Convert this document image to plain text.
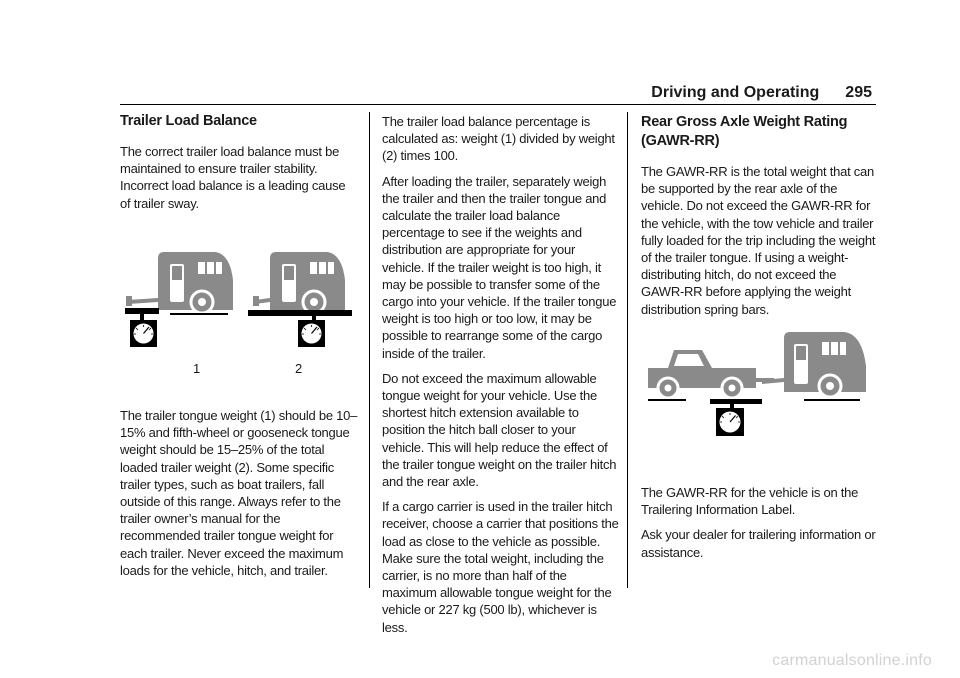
Driving and Operating 295
Trailer Load Balance

The correct trailer load balance must be maintained to ensure trailer stability. Incorrect load balance is a leading cause of trailer sway.

1	2

The trailer tongue weight (1) should be 10–15% and fifth-wheel or gooseneck tongue weight should be 15–25% of the total loaded trailer weight (2). Some specific trailer types, such as boat trailers, fall outside of this range. Always refer to the trailer owner’s manual for the recommended trailer tongue weight for each trailer. Never exceed the maximum loads for the vehicle, hitch, and trailer.

The trailer load balance percentage is calculated as: weight (1) divided by weight (2) times 100.

After loading the trailer, separately weigh the trailer and then the trailer tongue and calculate the trailer load balance percentage to see if the weights and distribution are appropriate for your vehicle. If the trailer weight is too high, it may be possible to transfer some of the cargo into your vehicle. If the trailer tongue weight is too high or too low, it may be possible to rearrange some of the cargo inside of the trailer.

Do not exceed the maximum allowable tongue weight for your vehicle. Use the shortest hitch extension available to position the hitch ball closer to your vehicle. This will help reduce the effect of the trailer tongue weight on the trailer hitch and the rear axle.

If a cargo carrier is used in the trailer hitch receiver, choose a carrier that positions the load as close to the vehicle as possible. Make sure the total weight, including the carrier, is no more than half of the maximum allowable tongue weight for the vehicle or 227 kg (500 lb), whichever is less.

Rear Gross Axle Weight Rating (GAWR-RR)

The GAWR-RR is the total weight that can be supported by the rear axle of the vehicle. Do not exceed the GAWR-RR for the vehicle, with the tow vehicle and trailer fully loaded for the trip including the weight of the trailer tongue. If using a weight-distributing hitch, do not exceed the GAWR-RR before applying the weight distribution spring bars.

The GAWR-RR for the vehicle is on the Trailering Information Label.

Ask your dealer for trailering information or assistance.

carmanualsonline.info
